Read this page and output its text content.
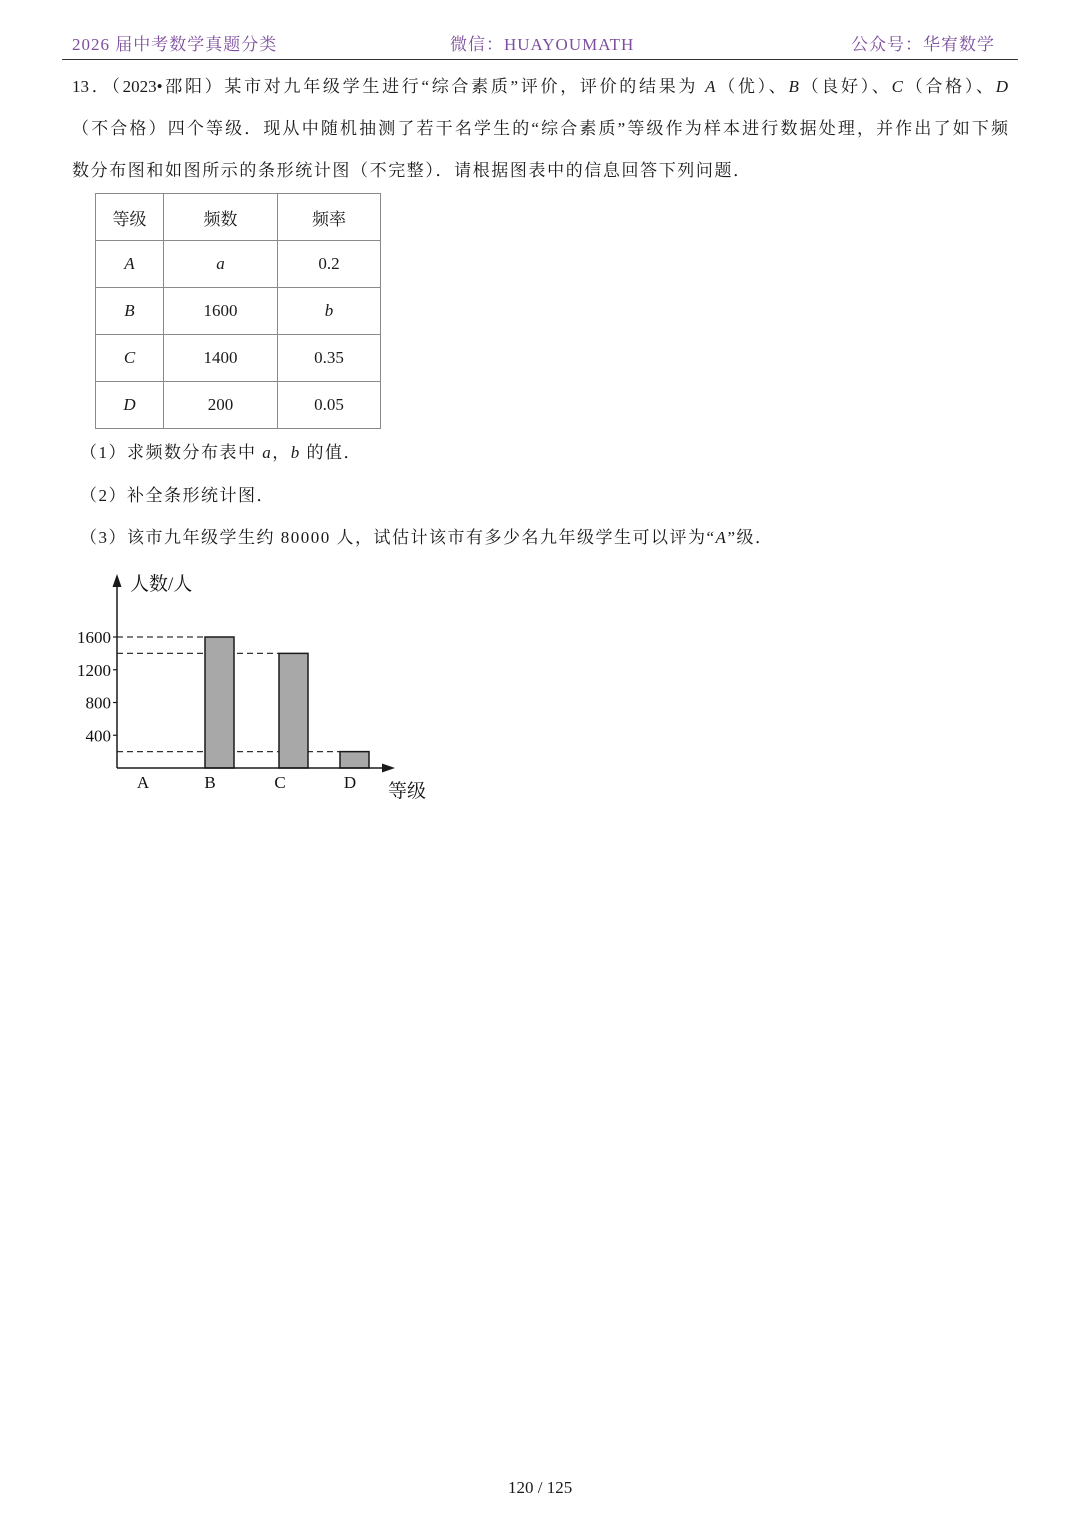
2026 届中考数学真题分类	微信：HUAYOUMATH	公众号：华宥数学
13．（2023•邵阳）某市对九年级学生进行“综合素质”评价，评价的结果为 A（优）、B（良好）、C（合格）、D
（不合格）四个等级．现从中随机抽测了若干名学生的“综合素质”等级作为样本进行数据处理，并作出了如下频
数分布图和如图所示的条形统计图（不完整）．请根据图表中的信息回答下列问题．
等级	频数	频率
A	a	0.2
B	1600	b
C	1400	0.35
D	200	0.05
（1）求频数分布表中 a，b 的值．
（2）补全条形统计图．
（3）该市九年级学生约 80000 人，试估计该市有多少名九年级学生可以评为“A”级．
400
800
1200
1600
A	B	C	D
人数/人
等级
120 / 125
